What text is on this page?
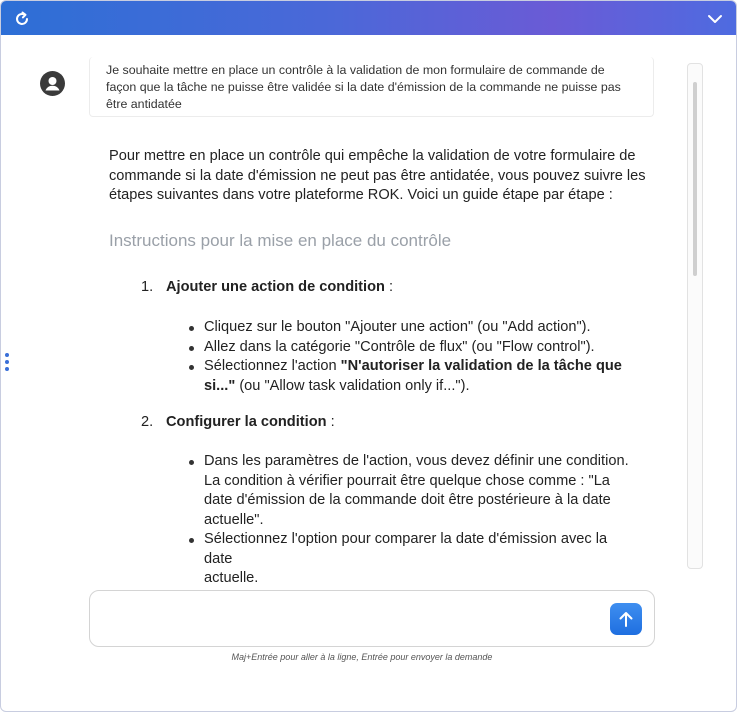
Je souhaite mettre en place un contrôle à la validation de mon formulaire de commande de
façon que la tâche ne puisse être validée si la date d'émission de la commande ne puisse pas
être antidatée

Pour mettre en place un contrôle qui empêche la validation de votre formulaire de

commande si la date d'émission ne peut pas être antidatée, vous pouvez suivre les

étapes suivantes dans votre plateforme ROK. Voici un guide étape par étape :

Instructions pour la mise en place du contrôle

1. Ajouter une action de condition :

Cliquez sur le bouton "Ajouter une action" (ou "Add action").

Allez dans la catégorie "Contrôle de flux" (ou "Flow control").

Sélectionnez l'action "N'autoriser la validation de la tâche que
si..." (ou "Allow task validation only if...").

2. Configurer la condition :

Dans les paramètres de l'action, vous devez définir une condition.
La condition à vérifier pourrait être quelque chose comme : "La
date d'émission de la commande doit être postérieure à la date
actuelle".

Sélectionnez l'option pour comparer la date d'émission avec la date
actuelle.

Maj+Entrée pour aller à la ligne, Entrée pour envoyer la demande
